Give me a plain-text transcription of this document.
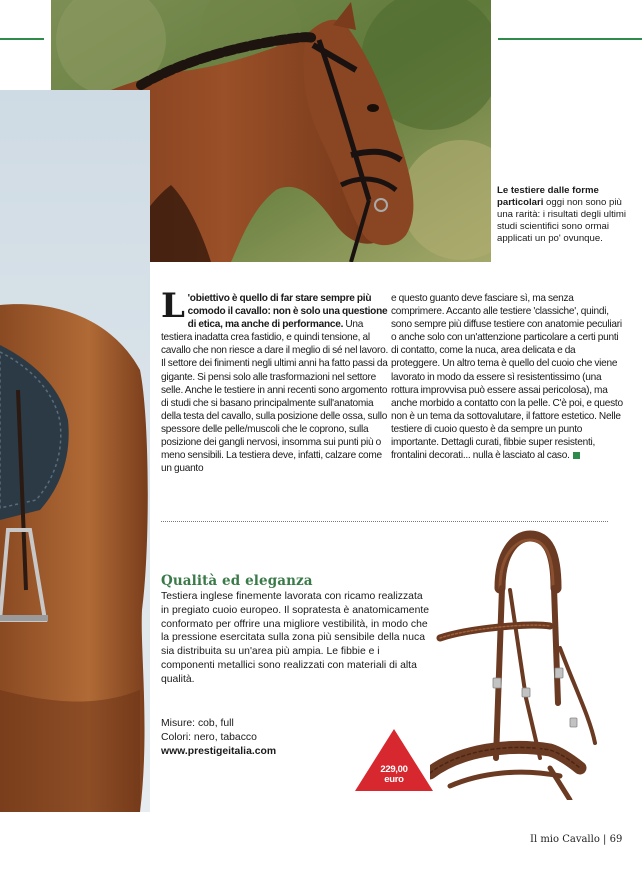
Le testiere dalle forme particolari oggi non sono più una rarità: i risultati degli ultimi studi scientifici sono ormai applicati un po' ovunque.
L 'obiettivo è quello di far stare sempre più comodo il cavallo: non è solo una questione di etica, ma anche di performance. Una testiera inadatta crea fastidio, e quindi tensione, al cavallo che non riesce a dare il meglio di sé nel lavoro. Il settore dei finimenti negli ultimi anni ha fatto passi da gigante. Si pensi solo alle trasformazioni nel settore selle. Anche le testiere in anni recenti sono argomento di studi che si basano principalmente sull'anatomia della testa del cavallo, sulla posizione delle ossa, sullo spessore delle pelle/muscoli che le coprono, sulla posizione dei gangli nervosi, insomma sui punti più o meno sensibili. La testiera deve, infatti, calzare come un guanto
e questo guanto deve fasciare sì, ma senza comprimere. Accanto alle testiere 'classiche', quindi, sono sempre più diffuse testiere con anatomie peculiari o anche solo con un'attenzione particolare a certi punti di contatto, come la nuca, area delicata e da proteggere. Un altro tema è quello del cuoio che viene lavorato in modo da essere sì resistentissimo (una rottura improvvisa può essere assai pericolosa), ma anche morbido a contatto con la pelle. C'è poi, e questo non è un tema da sottovalutare, il fattore estetico. Nelle testiere di cuoio questo è da sempre un punto importante. Dettagli curati, fibbie super resistenti, frontalini decorati... nulla è lasciato al caso.
Qualità ed eleganza
Testiera inglese finemente lavorata con ricamo realizzata in pregiato cuoio europeo. Il sopratesta è anatomicamente conformato per offrire una migliore vestibilità, in modo che la pressione esercitata sulla zona più sensibile della nuca sia distribuita su un'area più ampia. Le fibbie e i componenti metallici sono realizzati con materiali di alta qualità.
Misure: cob, full
Colori: nero, tabacco
www.prestigeitalia.com
229,00
euro
Il mio Cavallo | 69
